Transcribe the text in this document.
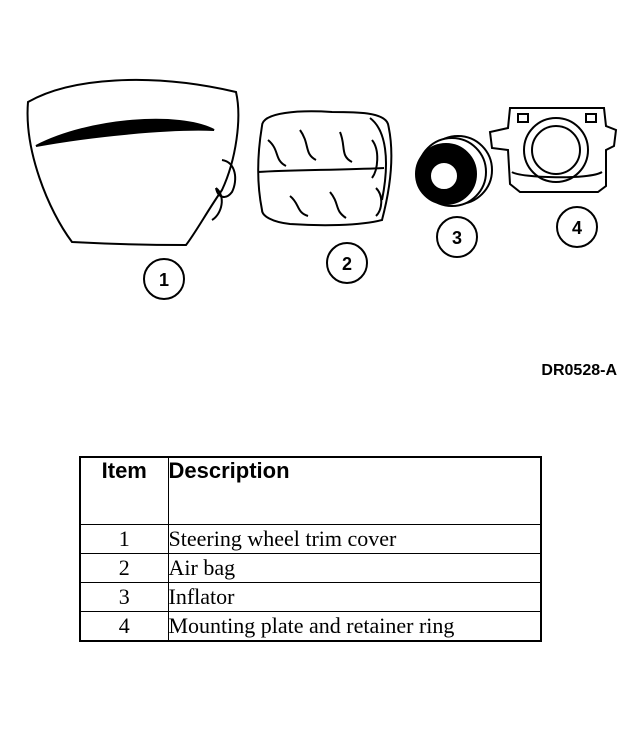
1
2
3	4
DR0528-A
Item	Description
1	Steering wheel trim cover
2	Air bag
3	Inflator
4	Mounting plate and retainer ring
